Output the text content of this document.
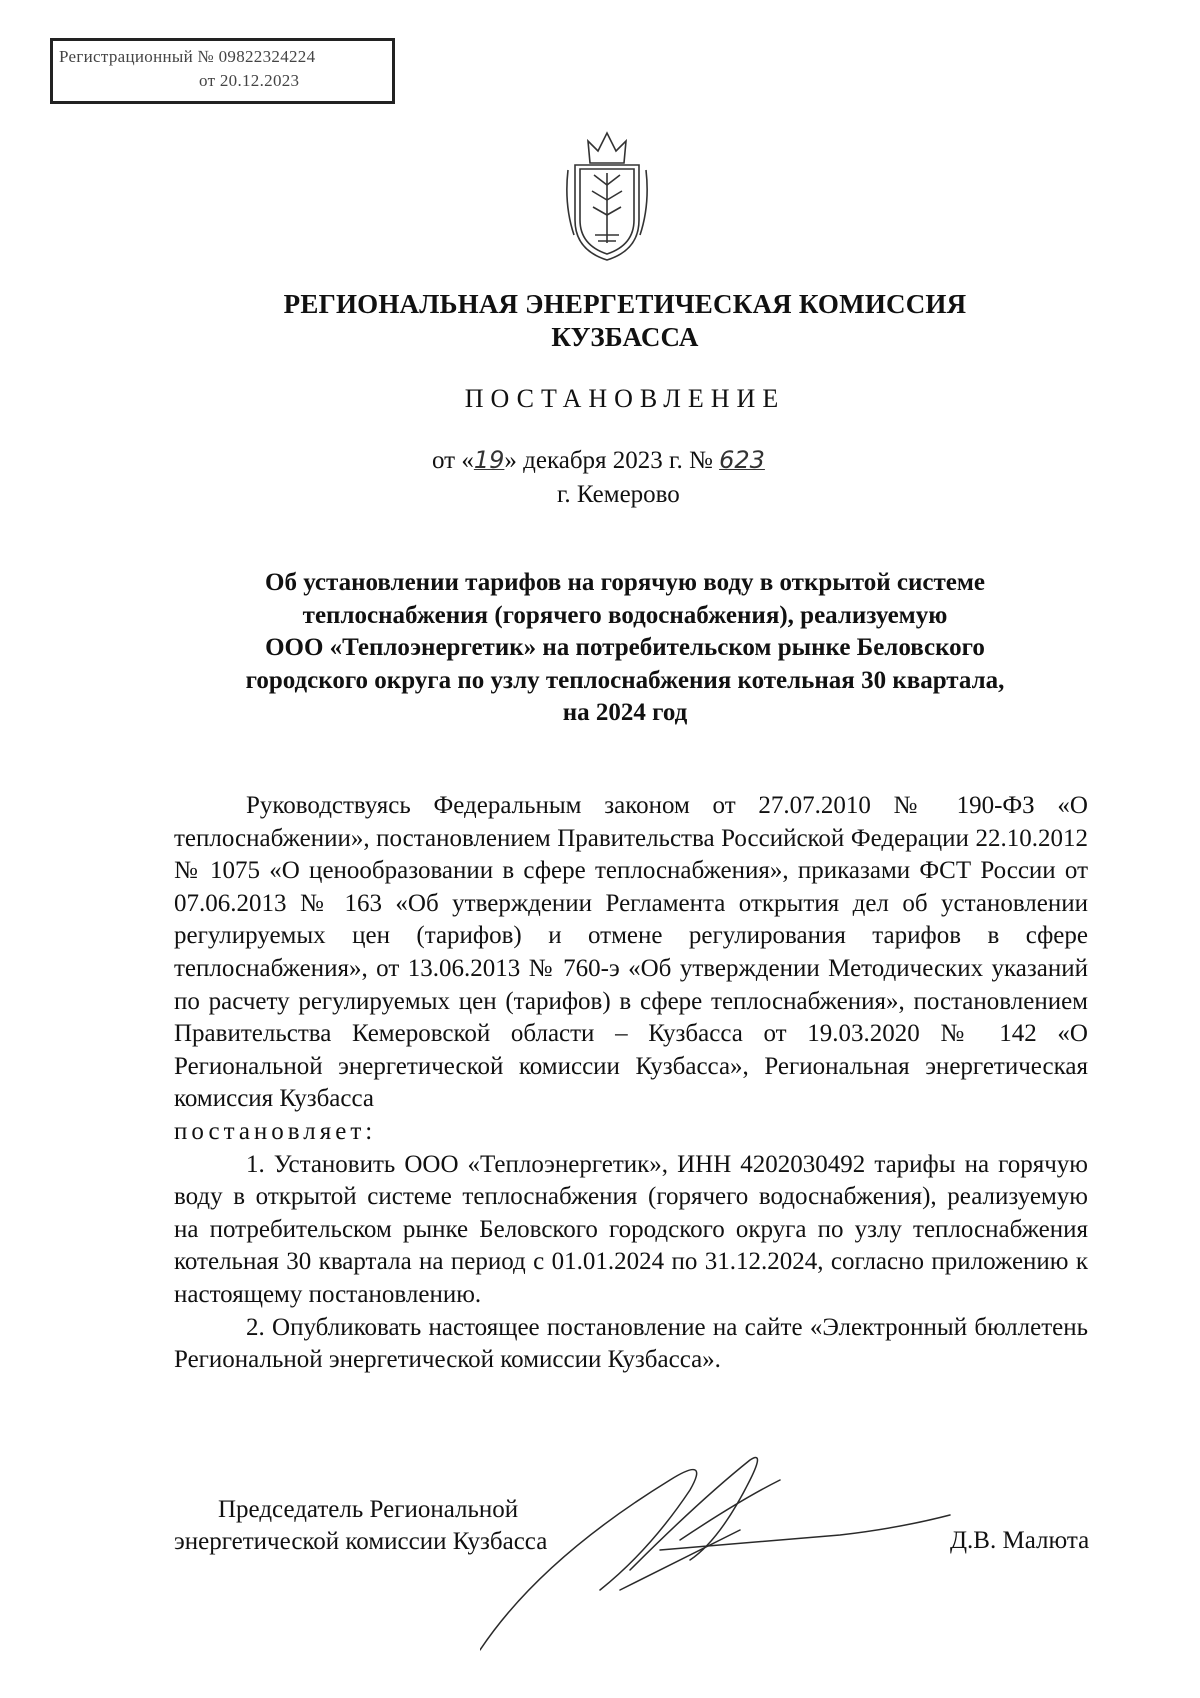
Регистрационный № 09822324224
от 20.12.2023
РЕГИОНАЛЬНАЯ ЭНЕРГЕТИЧЕСКАЯ КОМИССИЯ
КУЗБАССА
ПОСТАНОВЛЕНИЕ
от «19» декабря 2023 г. № 623
г. Кемерово
Об установлении тарифов на горячую воду в открытой системе
теплоснабжения (горячего водоснабжения), реализуемую
ООО «Теплоэнергетик» на потребительском рынке Беловского
городского округа по узлу теплоснабжения котельная 30 квартала,
на 2024 год

Руководствуясь Федеральным законом от 27.07.2010 № 190-ФЗ «О теплоснабжении», постановлением Правительства Российской Федерации 22.10.2012 № 1075 «О ценообразовании в сфере теплоснабжения», приказами ФСТ России от 07.06.2013 № 163 «Об утверждении Регламента открытия дел об установлении регулируемых цен (тарифов) и отмене регулирования тарифов в сфере теплоснабжения», от 13.06.2013 № 760-э «Об утверждении Методических указаний по расчету регулируемых цен (тарифов) в сфере теплоснабжения», постановлением Правительства Кемеровской области – Кузбасса от 19.03.2020 № 142 «О Региональной энергетической комиссии Кузбасса», Региональная энергетическая комиссия Кузбасса

постановляет:

1. Установить ООО «Теплоэнергетик», ИНН 4202030492 тарифы на горячую воду в открытой системе теплоснабжения (горячего водоснабжения), реализуемую на потребительском рынке Беловского городского округа по узлу теплоснабжения котельная 30 квартала на период с 01.01.2024 по 31.12.2024, согласно приложению к настоящему постановлению.

2. Опубликовать настоящее постановление на сайте «Электронный бюллетень Региональной энергетической комиссии Кузбасса».

Председатель Региональной
энергетической комиссии Кузбасса	Д.В. Малюта
